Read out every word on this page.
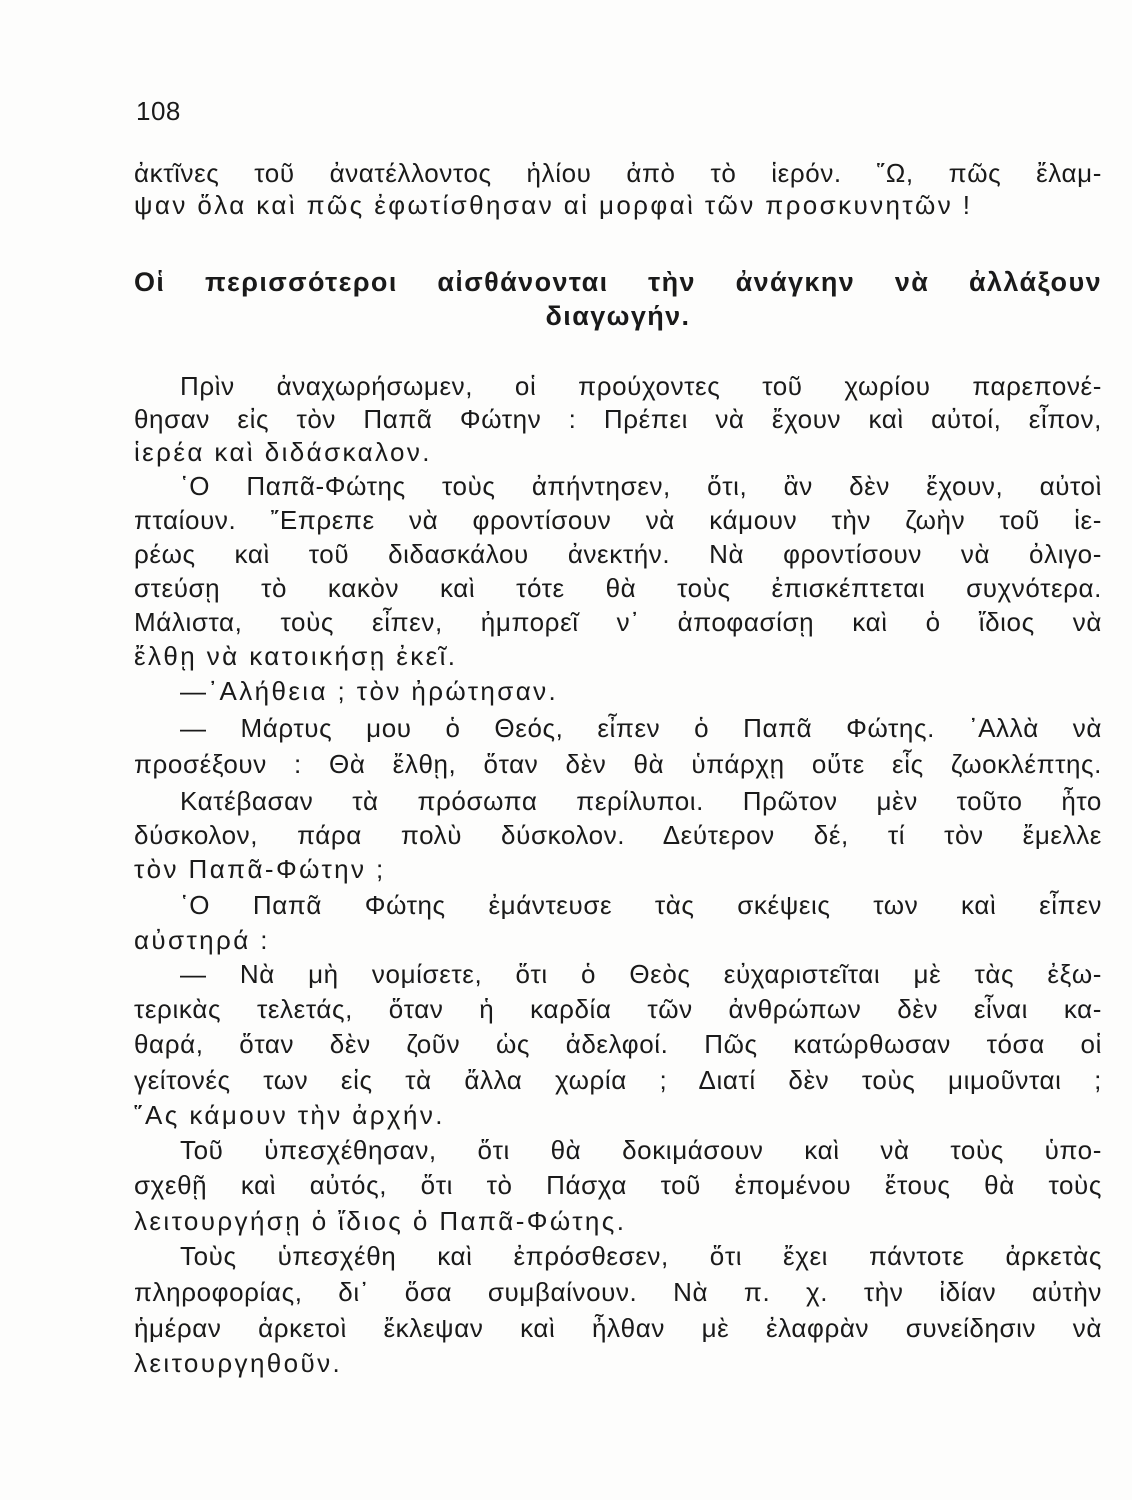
108
ἀκτῖνες τοῦ ἀνατέλλοντος ἡλίου ἀπὸ τὸ ἱερόν. ῞Ω, πῶς ἔλαμ-
ψαν ὅλα καὶ πῶς ἐφωτίσθησαν αἱ μορφαὶ τῶν προσκυνητῶν !
Οἱ περισσότεροι αἰσθάνονται τὴν ἀνάγκην νὰ ἀλλάξουν
διαγωγήν.
Πρὶν ἀναχωρήσωμεν, οἱ προύχοντες τοῦ χωρίου παρεπονέ-
θησαν εἰς τὸν Παπᾶ Φώτην : Πρέπει νὰ ἔχουν καὶ αὐτοί, εἶπον,
ἱερέα καὶ διδάσκαλον.
῾Ο Παπᾶ-Φώτης τοὺς ἀπήντησεν, ὅτι, ἂν δὲν ἔχουν, αὐτοὶ
πταίουν. ῎Επρεπε νὰ φροντίσουν νὰ κάμουν τὴν ζωὴν τοῦ ἱε-
ρέως καὶ τοῦ διδασκάλου ἀνεκτήν. Νὰ φροντίσουν νὰ ὀλιγο-
στεύσῃ τὸ κακὸν καὶ τότε θὰ τοὺς ἐπισκέπτεται συχνότερα.
Μάλιστα, τοὺς εἶπεν, ἠμπορεῖ ν᾿ ἀποφασίσῃ καὶ ὁ ἴδιος νὰ
ἔλθῃ νὰ κατοικήσῃ ἐκεῖ.
—᾿Αλήθεια ; τὸν ἠρώτησαν.
— Μάρτυς μου ὁ Θεός, εἶπεν ὁ Παπᾶ Φώτης. ᾿Αλλὰ νὰ
προσέξουν : Θὰ ἔλθῃ, ὅταν δὲν θὰ ὑπάρχῃ οὔτε εἷς ζωοκλέπτης.
Κατέβασαν τὰ πρόσωπα περίλυποι. Πρῶτον μὲν τοῦτο ἦτο
δύσκολον, πάρα πολὺ δύσκολον. Δεύτερον δέ, τί τὸν ἔμελλε
τὸν Παπᾶ-Φώτην ;
῾Ο Παπᾶ Φώτης ἐμάντευσε τὰς σκέψεις των καὶ εἶπεν
αὐστηρά :
— Νὰ μὴ νομίσετε, ὅτι ὁ Θεὸς εὐχαριστεῖται μὲ τὰς ἐξω-
τερικὰς τελετάς, ὅταν ἡ καρδία τῶν ἀνθρώπων δὲν εἶναι κα-
θαρά, ὅταν δὲν ζοῦν ὡς ἀδελφοί. Πῶς κατώρθωσαν τόσα οἱ
γείτονές των εἰς τὰ ἄλλα χωρία ; Διατί δὲν τοὺς μιμοῦνται ;
῞Ας κάμουν τὴν ἀρχήν.
Τοῦ ὑπεσχέθησαν, ὅτι θὰ δοκιμάσουν καὶ νὰ τοὺς ὑπο-
σχεθῇ καὶ αὐτός, ὅτι τὸ Πάσχα τοῦ ἑπομένου ἔτους θὰ τοὺς
λειτουργήσῃ ὁ ἴδιος ὁ Παπᾶ-Φώτης.
Τοὺς ὑπεσχέθη καὶ ἐπρόσθεσεν, ὅτι ἔχει πάντοτε ἀρκετὰς
πληροφορίας, δι᾿ ὅσα συμβαίνουν. Νὰ π. χ. τὴν ἰδίαν αὐτὴν
ἡμέραν ἀρκετοὶ ἔκλεψαν καὶ ἦλθαν μὲ ἐλαφρὰν συνείδησιν νὰ
λειτουργηθοῦν.
